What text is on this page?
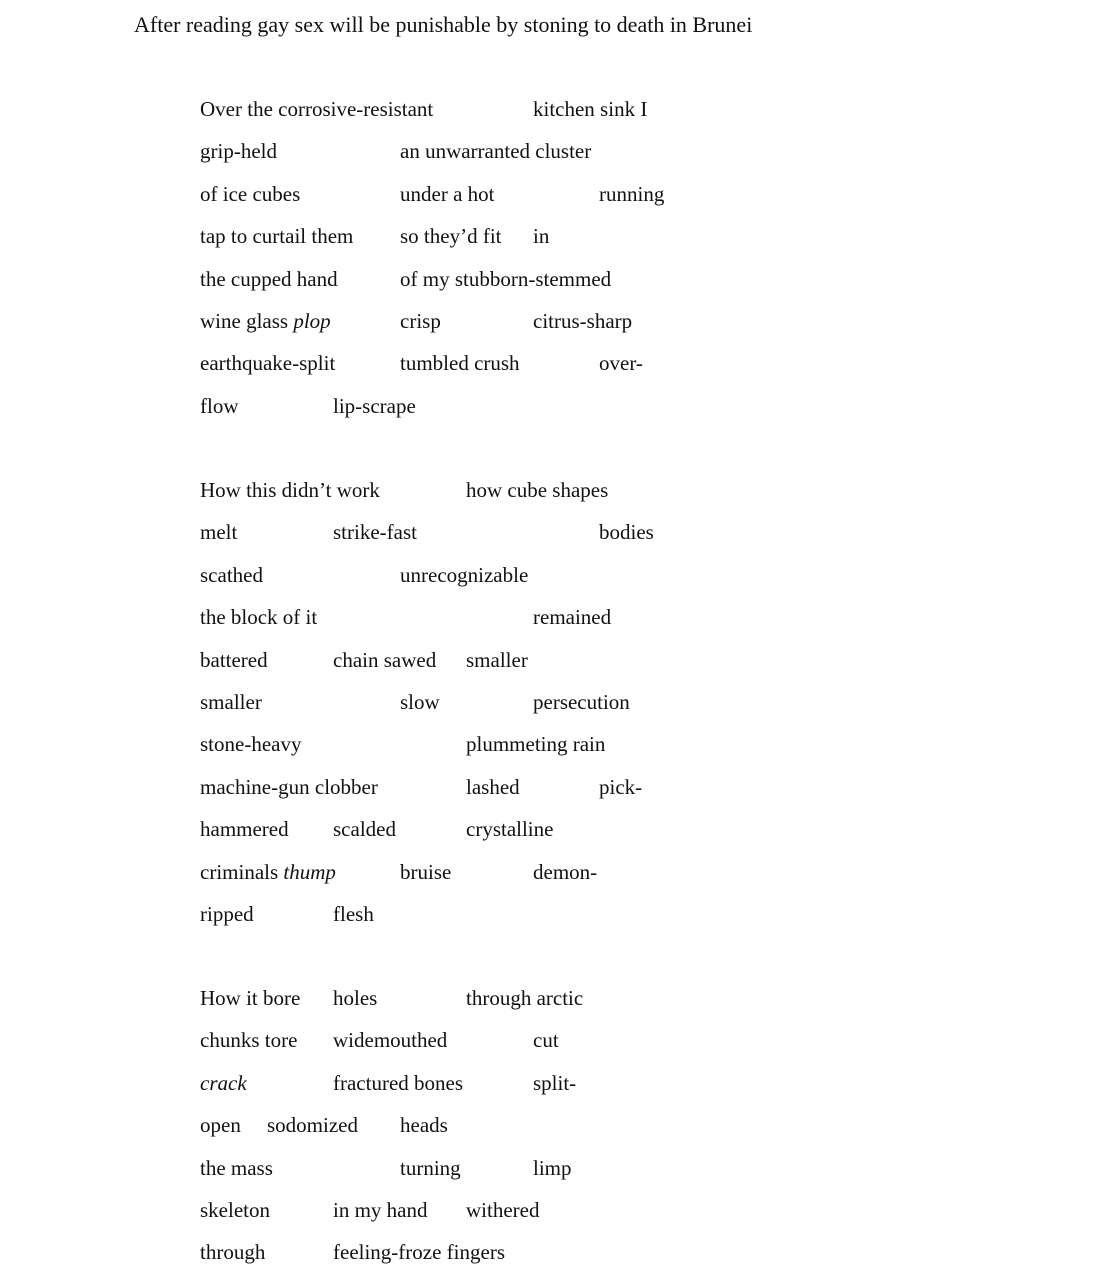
After reading gay sex will be punishable by stoning to death in Brunei
Over the corrosive-resistant	kitchen sink I
grip-held	an unwarranted cluster
of ice cubes	under a hot	running
tap to curtail them so they’d fit in
the cupped hand	of my stubborn-stemmed
wine glass plop	crisp	citrus-sharp
earthquake-split	tumbled crush	over-
flow	lip-scrape
How this didn’t work	how cube shapes
melt	strike-fast	bodies
scathed	unrecognizable
the block of it	remained
battered	chain sawed smaller
smaller	slow	persecution
stone-heavy	plummeting rain
machine-gun clobber	lashed	pick-
hammered scalded	crystalline
criminals thump	bruise	demon-
ripped	flesh
How it bore holes	through arctic
chunks tore widemouthed	cut
crack	fractured bones	split-
open sodomized heads
the mass	turning	limp
skeleton	in my hand withered
through	feeling-froze fingers
